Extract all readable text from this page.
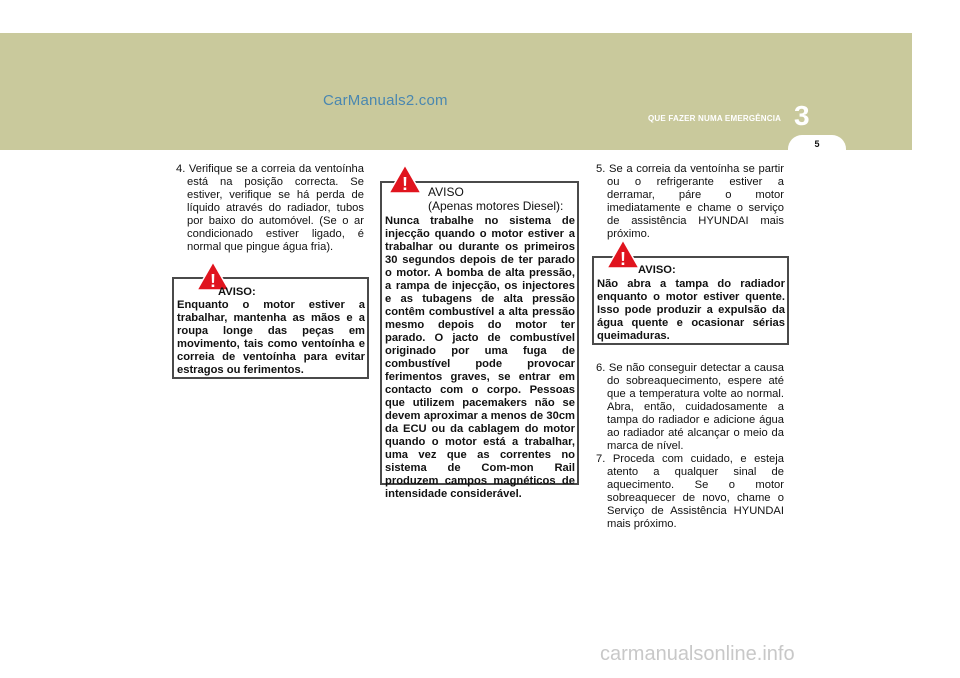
CarManuals2.com
QUE FAZER NUMA EMERGÊNCIA 3
5

4. Verifique se a correia da ventoínha está na posição correcta. Se estiver, verifique se há perda de líquido através do radiador, tubos por baixo do automóvel. (Se o ar condicionado estiver ligado, é normal que pingue água fria).

!
AVISO:
Enquanto o motor estiver a trabalhar, mantenha as mãos e a roupa longe das peças em movimento, tais como ventoínha e correia de ventoínha para evitar estragos ou ferimentos.
! AVISO
(Apenas motores Diesel):
Nunca trabalhe no sistema de injecção quando o motor estiver a trabalhar ou durante os primeiros 30 segundos depois de ter parado o motor. A bomba de alta pressão, a rampa de injecção, os injectores e as tubagens de alta pressão contêm combustível a alta pressão mesmo depois do motor ter parado. O jacto de combustível originado por uma fuga de combustível pode provocar ferimentos graves, se entrar em contacto com o corpo. Pessoas que utilizem pacemakers não se devem aproximar a menos de 30cm da ECU ou da cablagem do motor quando o motor está a trabalhar, uma vez que as correntes no sistema de Com-mon Rail produzem campos magnéticos de intensidade considerável.

5. Se a correia da ventoínha se partir ou o refrigerante estiver a derramar, páre o motor imediatamente e chame o serviço de assistência HYUNDAI mais próximo.

!
AVISO:
Não abra a tampa do radiador enquanto o motor estiver quente. Isso pode produzir a expulsão da água quente e ocasionar sérias queimaduras.

6. Se não conseguir detectar a causa do sobreaquecimento, espere até que a temperatura volte ao normal. Abra, então, cuidadosamente a tampa do radiador e adicione água ao radiador até alcançar o meio da marca de nível.

7. Proceda com cuidado, e esteja atento a qualquer sinal de aquecimento. Se o motor sobreaquecer de novo, chame o Serviço de Assistência HYUNDAI mais próximo.

carmanualsonline.info
